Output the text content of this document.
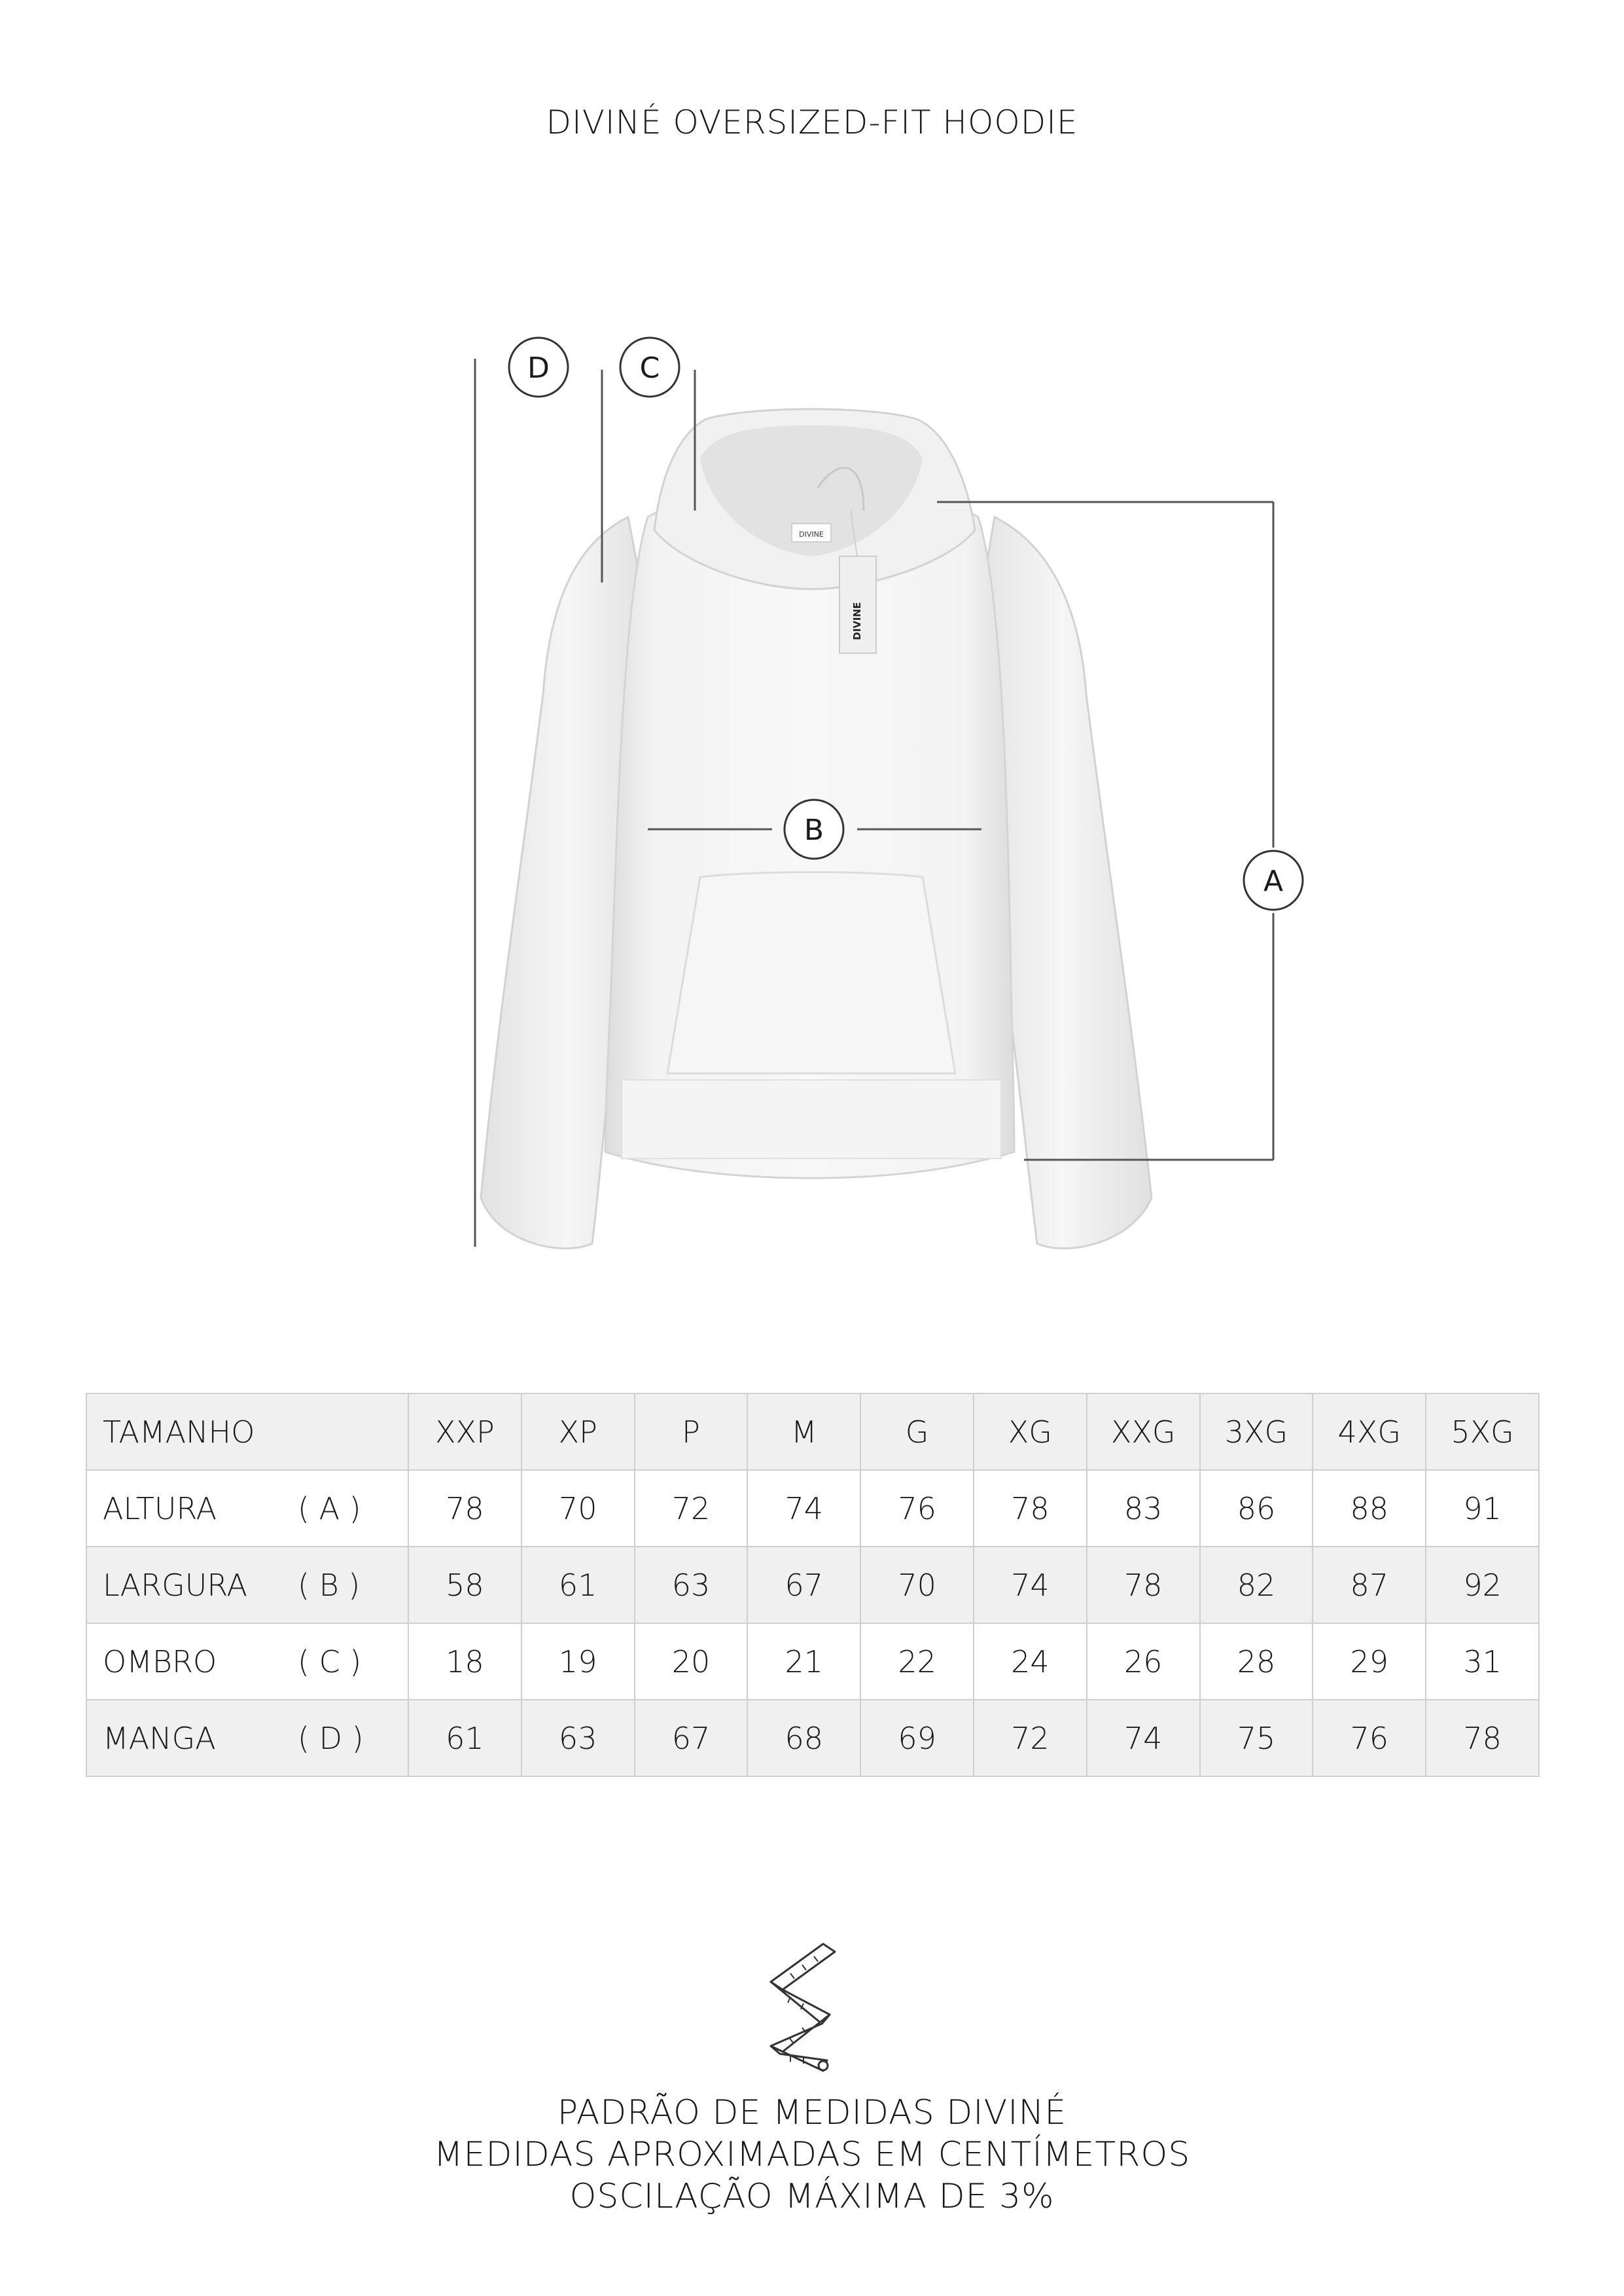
DIVINÉ OVERSIZED-FIT HOODIE
DIVINE
DIVINE
D	C
B
A
TAMANHO	XXP	XP	P	M	G	XG	XXG	3XG	4XG	5XG
ALTURA ( A )	78	70	72	74	76	78	83	86	88	91
LARGURA ( B )	58	61	63	67	70	74	78	82	87	92
OMBRO ( C )	18	19	20	21	22	24	26	28	29	31
MANGA ( D )	61	63	67	68	69	72	74	75	76	78
PADRÃO DE MEDIDAS DIVINÉ
MEDIDAS APROXIMADAS EM CENTÍMETROS
OSCILAÇÃO MÁXIMA DE 3%
